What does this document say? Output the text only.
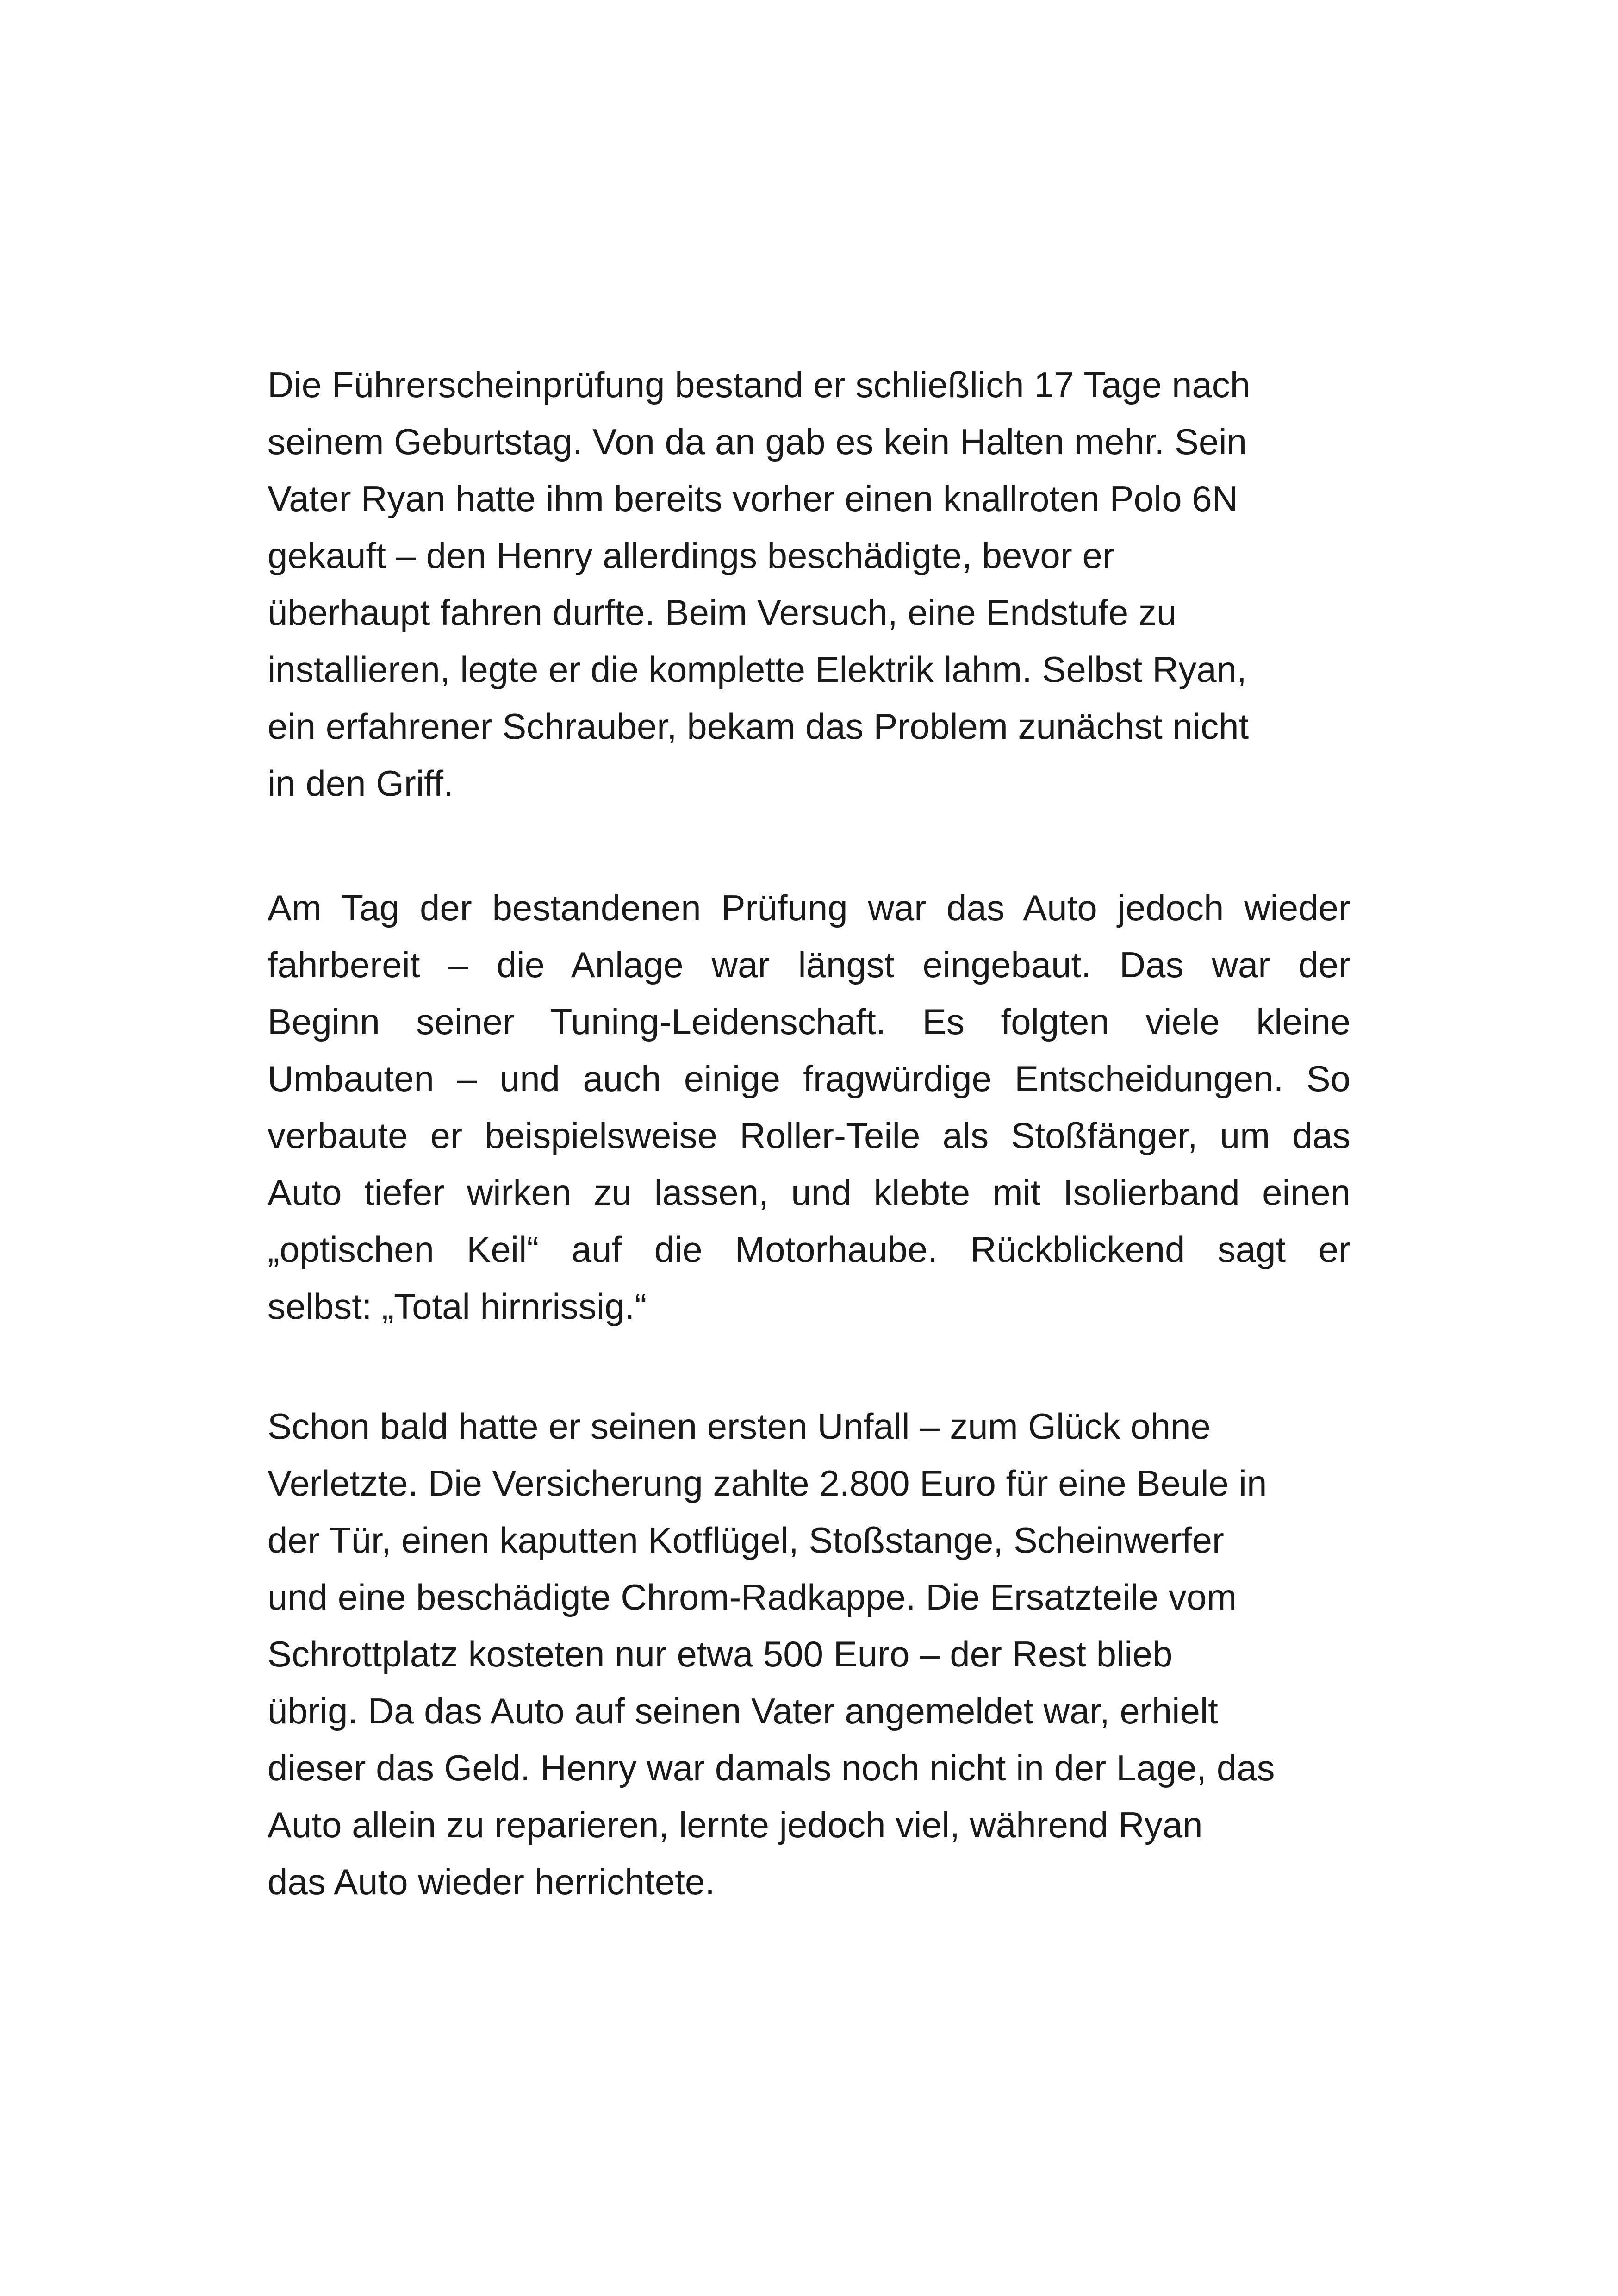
Die Führerscheinprüfung bestand er schließlich 17 Tage nach
seinem Geburtstag. Von da an gab es kein Halten mehr. Sein
Vater Ryan hatte ihm bereits vorher einen knallroten Polo 6N
gekauft – den Henry allerdings beschädigte, bevor er
überhaupt fahren durfte. Beim Versuch, eine Endstufe zu
installieren, legte er die komplette Elektrik lahm. Selbst Ryan,
ein erfahrener Schrauber, bekam das Problem zunächst nicht
in den Griff.
Am Tag der bestandenen Prüfung war das Auto jedoch wieder
fahrbereit – die Anlage war längst eingebaut. Das war der
Beginn seiner Tuning-Leidenschaft. Es folgten viele kleine
Umbauten – und auch einige fragwürdige Entscheidungen. So
verbaute er beispielsweise Roller-Teile als Stoßfänger, um das
Auto tiefer wirken zu lassen, und klebte mit Isolierband einen
„optischen Keil“ auf die Motorhaube. Rückblickend sagt er
selbst: „Total hirnrissig.“
Schon bald hatte er seinen ersten Unfall – zum Glück ohne
Verletzte. Die Versicherung zahlte 2.800 Euro für eine Beule in
der Tür, einen kaputten Kotflügel, Stoßstange, Scheinwerfer
und eine beschädigte Chrom-Radkappe. Die Ersatzteile vom
Schrottplatz kosteten nur etwa 500 Euro – der Rest blieb
übrig. Da das Auto auf seinen Vater angemeldet war, erhielt
dieser das Geld. Henry war damals noch nicht in der Lage, das
Auto allein zu reparieren, lernte jedoch viel, während Ryan
das Auto wieder herrichtete.
